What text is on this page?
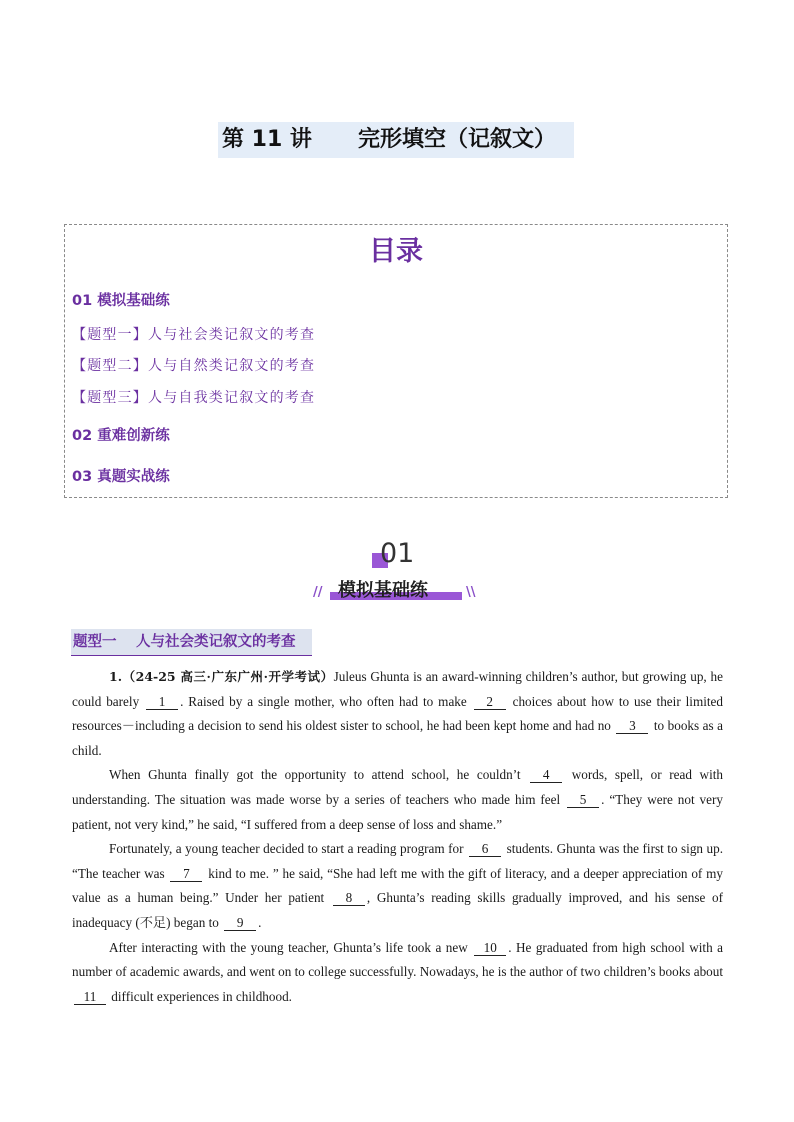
第 11 讲 完形填空（记叙文）
目录
01 模拟基础练
【题型一】人与社会类记叙文的考查
【题型二】人与自然类记叙文的考查
【题型三】人与自我类记叙文的考查
02 重难创新练
03 真题实战练
01
// 模拟基础练	\\
题型一 人与社会类记叙文的考查

1.（24-25 高三·广东广州·开学考试）Juleus Ghunta is an award-winning children’s author, but growing up, he could barely 1 . Raised by a single mother, who often had to make 2 choices about how to use their limited resources－including a decision to send his oldest sister to school, he had been kept home and had no 3 to books as a child.

When Ghunta finally got the opportunity to attend school, he couldn’t 4 words, spell, or read with understanding. The situation was made worse by a series of teachers who made him feel 5 . “They were not very patient, not very kind,” he said, “I suffered from a deep sense of loss and shame.”

Fortunately, a young teacher decided to start a reading program for 6 students. Ghunta was the first to sign up. “The teacher was 7 kind to me. ” he said, “She had left me with the gift of literacy, and a deeper appreciation of my value as a human being.” Under her patient 8 , Ghunta’s reading skills gradually improved, and his sense of inadequacy (不足) began to 9 .

After interacting with the young teacher, Ghunta’s life took a new 10 . He graduated from high school with a number of academic awards, and went on to college successfully. Nowadays, he is the author of two children’s books about 11 difficult experiences in childhood.
